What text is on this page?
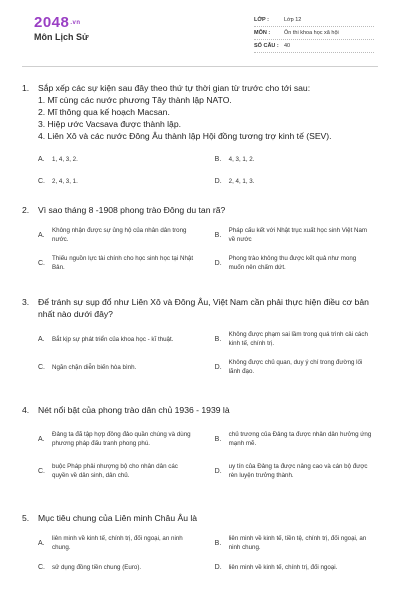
2048.vn
Môn Lịch Sử
LỚP :	Lớp 12
MÔN :	Ôn thi khoa học xã hội
SỐ CÂU : 40
1.	Sắp xếp các sự kiện sau đây theo thứ tự thời gian từ trước cho tới sau:
1. Mĩ cùng các nước phương Tây thành lập NATO.
2. Mĩ thông qua kế hoạch Macsan.
3. Hiệp ước Vacsava được thành lập.
4. Liên Xô và các nước Đông Âu thành lập Hội đồng tương trợ kinh tế (SEV).
A.	1, 4, 3, 2.	B.	4, 3, 1, 2.
C.	2, 4, 3, 1.	D.	2, 4, 1, 3.
2.	Vì sao tháng 8 -1908 phong trào Đông du tan rã?
A.
Không nhận được sự ủng hộ của nhân dân trong nước.
B.
Pháp cấu kết với Nhật trục xuất học sinh Việt Nam về nước
C.
Thiếu nguồn lực tài chính cho học sinh học tại Nhật Bản.
D.
Phong trào không thu được kết quả như mong muốn nên chấm dứt.
3.	Để tránh sự sụp đổ như Liên Xô và Đông Âu, Việt Nam cần phải thực hiện điều cơ bản nhất nào dưới đây?
A.	Bắt kịp sự phát triển của khoa học - kĩ thuật.	B.
Không được phạm sai lầm trong quá trình cải cách kinh tế, chính trị.
C.	Ngăn chặn diễn biến hòa bình.	D.
Không được chủ quan, duy ý chí trong đường lối lãnh đạo.
4.	Nét nổi bật của phong trào dân chủ 1936 - 1939 là
A.
Đảng ta đã tập hợp đông đảo quần chúng và dùng phương pháp đấu tranh phong phú.
B.
chủ trương của Đảng ta được nhân dân hưởng ứng mạnh mẽ.
C.
buộc Pháp phải nhượng bộ cho nhân dân các quyền về dân sinh, dân chủ.
D.
uy tín của Đảng ta được nâng cao và cán bộ được rèn luyện trưởng thành.
5.	Mục tiêu chung của Liên minh Châu Âu là
A.
liên minh về kinh tế, chính trị, đối ngoại, an ninh chung.
B.
liên minh về kinh tế, tiền tệ, chính trị, đối ngoại, an ninh chung.
C.	sử dụng đồng tiền chung (Euro).	D.	liên minh về kinh tế, chính trị, đối ngoại.
